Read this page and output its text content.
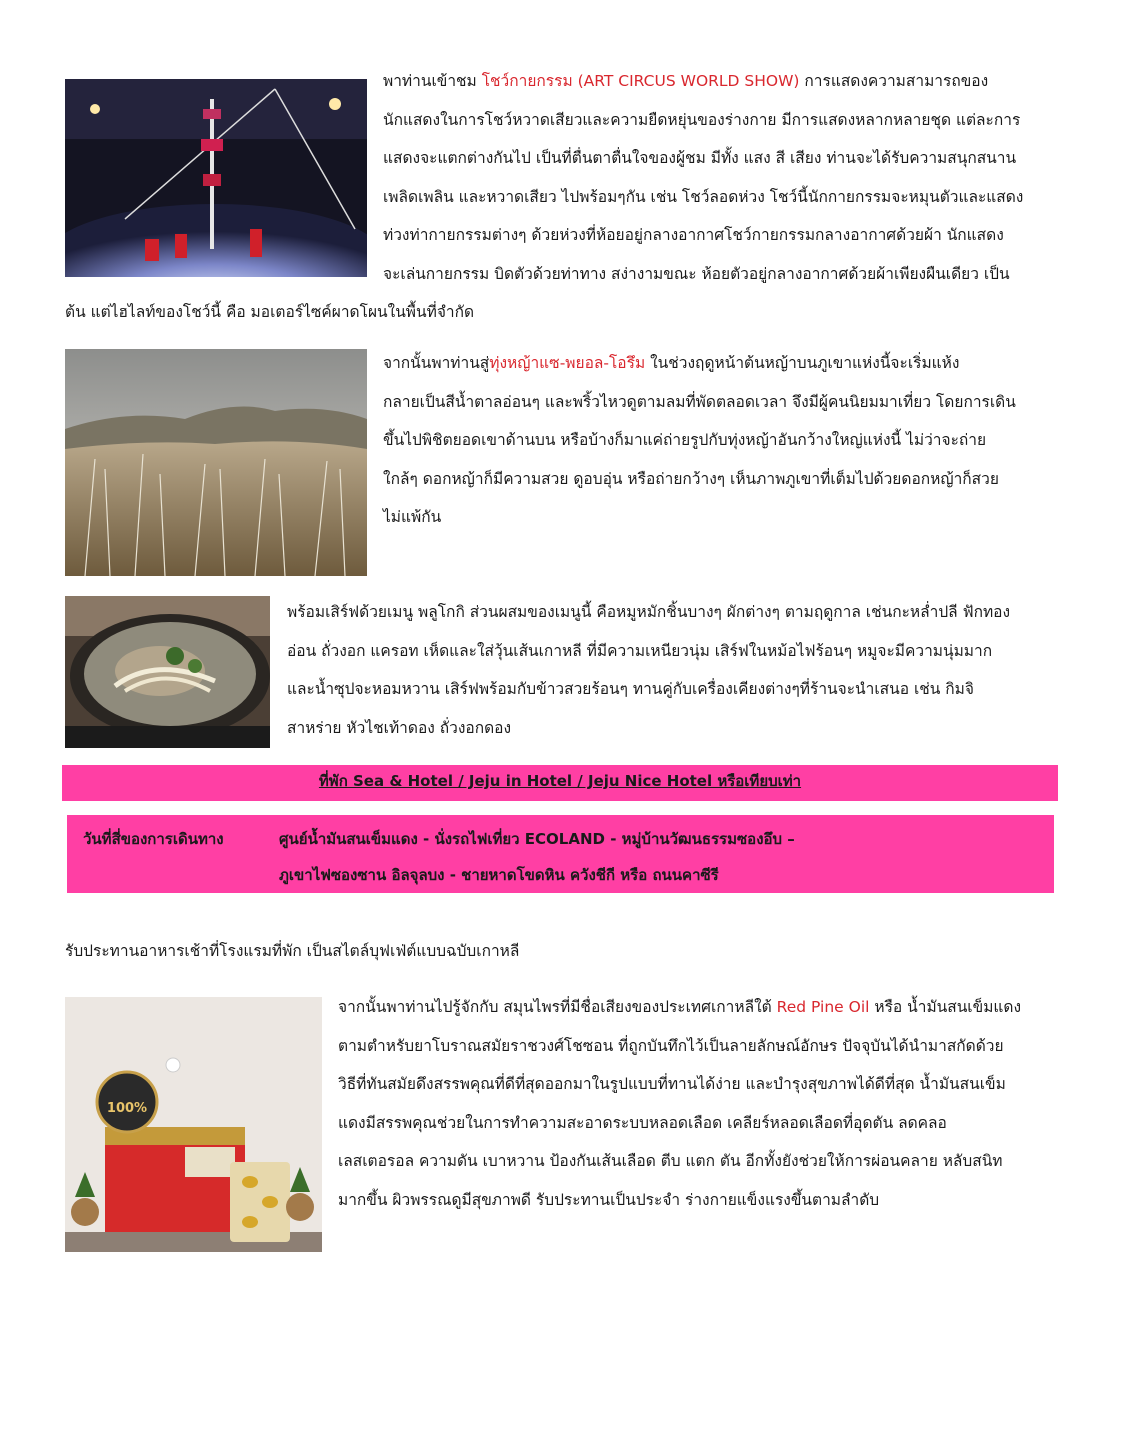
พาท่านเข้าชม โชว์กายกรรม (ART CIRCUS WORLD SHOW) การแสดงความสามารถของ

นักแสดงในการโชว์หวาดเสียวและความยืดหยุ่นของร่างกาย มีการแสดงหลากหลายชุด แต่ละการ

แสดงจะแตกต่างกันไป เป็นที่ตื่นตาตื่นใจของผู้ชม มีทั้ง แสง สี เสียง ท่านจะได้รับความสนุกสนาน

เพลิดเพลิน และหวาดเสียว ไปพร้อมๆกัน เช่น โชว์ลอดห่วง โชว์นี้นักกายกรรมจะหมุนตัวและแสดง

ท่วงท่ากายกรรมต่างๆ ด้วยห่วงที่ห้อยอยู่กลางอากาศโชว์กายกรรมกลางอากาศด้วยผ้า นักแสดง

จะเล่นกายกรรม บิดตัวด้วยท่าทาง สง่างามขณะ ห้อยตัวอยู่กลางอากาศด้วยผ้าเพียงผืนเดียว เป็น

ต้น แต่ไฮไลท์ของโชว์นี้ คือ มอเตอร์ไซค์ผาดโผนในพื้นที่จำกัด

จากนั้นพาท่านสู่ทุ่งหญ้าแซ-พยอล-โอรึม ในช่วงฤดูหน้าต้นหญ้าบนภูเขาแห่งนี้จะเริ่มแห้ง

กลายเป็นสีน้ำตาลอ่อนๆ และพริ้วไหวดูตามลมที่พัดตลอดเวลา จึงมีผู้คนนิยมมาเที่ยว โดยการเดิน

ขึ้นไปพิชิตยอดเขาด้านบน หรือบ้างก็มาแค่ถ่ายรูปกับทุ่งหญ้าอันกว้างใหญ่แห่งนี้ ไม่ว่าจะถ่าย

ใกล้ๆ ดอกหญ้าก็มีความสวย ดูอบอุ่น หรือถ่ายกว้างๆ เห็นภาพภูเขาที่เต็มไปด้วยดอกหญ้าก็สวย

ไม่แพ้กัน

พร้อมเสิร์ฟด้วยเมนู พลูโกกิ ส่วนผสมของเมนูนี้ คือหมูหมักชิ้นบางๆ ผักต่างๆ ตามฤดูกาล เช่นกะหล่ำปลี ฟักทอง

อ่อน ถั่วงอก แครอท เห็ดและใส่วุ้นเส้นเกาหลี ที่มีความเหนียวนุ่ม เสิร์ฟในหม้อไฟร้อนๆ หมูจะมีความนุ่มมาก

และน้ำซุปจะหอมหวาน เสิร์ฟพร้อมกับข้าวสวยร้อนๆ ทานคู่กับเครื่องเคียงต่างๆที่ร้านจะนำเสนอ เช่น กิมจิ

สาหร่าย หัวไชเท้าดอง ถั่วงอกดอง

ที่พัก Sea & Hotel / Jeju in Hotel / Jeju Nice Hotel หรือเทียบเท่า
วันที่สี่ของการเดินทาง	ศูนย์น้ำมันสนเข็มแดง - นั่งรถไฟเที่ยว ECOLAND - หมู่บ้านวัฒนธรรมซองอึบ –
ภูเขาไฟซองซาน อิลจุลบง - ชายหาดโขดหิน ควังชีกี หรือ ถนนคาซีรี
รับประทานอาหารเช้าที่โรงแรมที่พัก เป็นสไตล์บุฟเฟ่ต์แบบฉบับเกาหลี
100%

จากนั้นพาท่านไปรู้จักกับ สมุนไพรที่มีชื่อเสียงของประเทศเกาหลีใต้ Red Pine Oil หรือ น้ำมันสนเข็มแดง

ตามตำหรับยาโบราณสมัยราชวงศ์โชซอน ที่ถูกบันทึกไว้เป็นลายลักษณ์อักษร ปัจจุบันได้นำมาสกัดด้วย

วิธีที่ทันสมัยดึงสรรพคุณที่ดีที่สุดออกมาในรูปแบบที่ทานได้ง่าย และบำรุงสุขภาพได้ดีที่สุด น้ำมันสนเข็ม

แดงมีสรรพคุณช่วยในการทำความสะอาดระบบหลอดเลือด เคลียร์หลอดเลือดที่อุดตัน ลดคลอ

เลสเตอรอล ความดัน เบาหวาน ป้องกันเส้นเลือด ตีบ แตก ตัน อีกทั้งยังช่วยให้การผ่อนคลาย หลับสนิท

มากขึ้น ผิวพรรณดูมีสุขภาพดี รับประทานเป็นประจำ ร่างกายแข็งแรงขึ้นตามลำดับ
